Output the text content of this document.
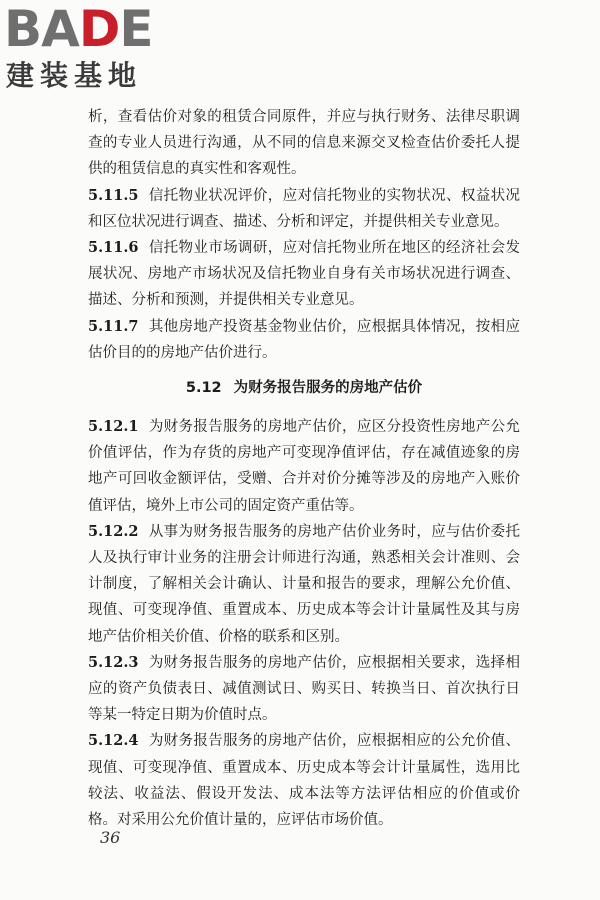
BADE
建装基地

析，查看估价对象的租赁合同原件，并应与执行财务、法律尽职调查的专业人员进行沟通，从不同的信息来源交叉检查估价委托人提供的租赁信息的真实性和客观性。

5.11.5 信托物业状况评价，应对信托物业的实物状况、权益状况和区位状况进行调查、描述、分析和评定，并提供相关专业意见。

5.11.6 信托物业市场调研，应对信托物业所在地区的经济社会发展状况、房地产市场状况及信托物业自身有关市场状况进行调查、描述、分析和预测，并提供相关专业意见。

5.11.7 其他房地产投资基金物业估价，应根据具体情况，按相应估价目的的房地产估价进行。

5.12 为财务报告服务的房地产估价

5.12.1 为财务报告服务的房地产估价，应区分投资性房地产公允价值评估，作为存货的房地产可变现净值评估，存在减值迹象的房地产可回收金额评估，受赠、合并对价分摊等涉及的房地产入账价值评估，境外上市公司的固定资产重估等。

5.12.2 从事为财务报告服务的房地产估价业务时，应与估价委托人及执行审计业务的注册会计师进行沟通，熟悉相关会计准则、会计制度，了解相关会计确认、计量和报告的要求，理解公允价值、现值、可变现净值、重置成本、历史成本等会计计量属性及其与房地产估价相关价值、价格的联系和区别。

5.12.3 为财务报告服务的房地产估价，应根据相关要求，选择相应的资产负债表日、减值测试日、购买日、转换当日、首次执行日等某一特定日期为价值时点。

5.12.4 为财务报告服务的房地产估价，应根据相应的公允价值、现值、可变现净值、重置成本、历史成本等会计计量属性，选用比较法、收益法、假设开发法、成本法等方法评估相应的价值或价格。对采用公允价值计量的，应评估市场价值。

36
